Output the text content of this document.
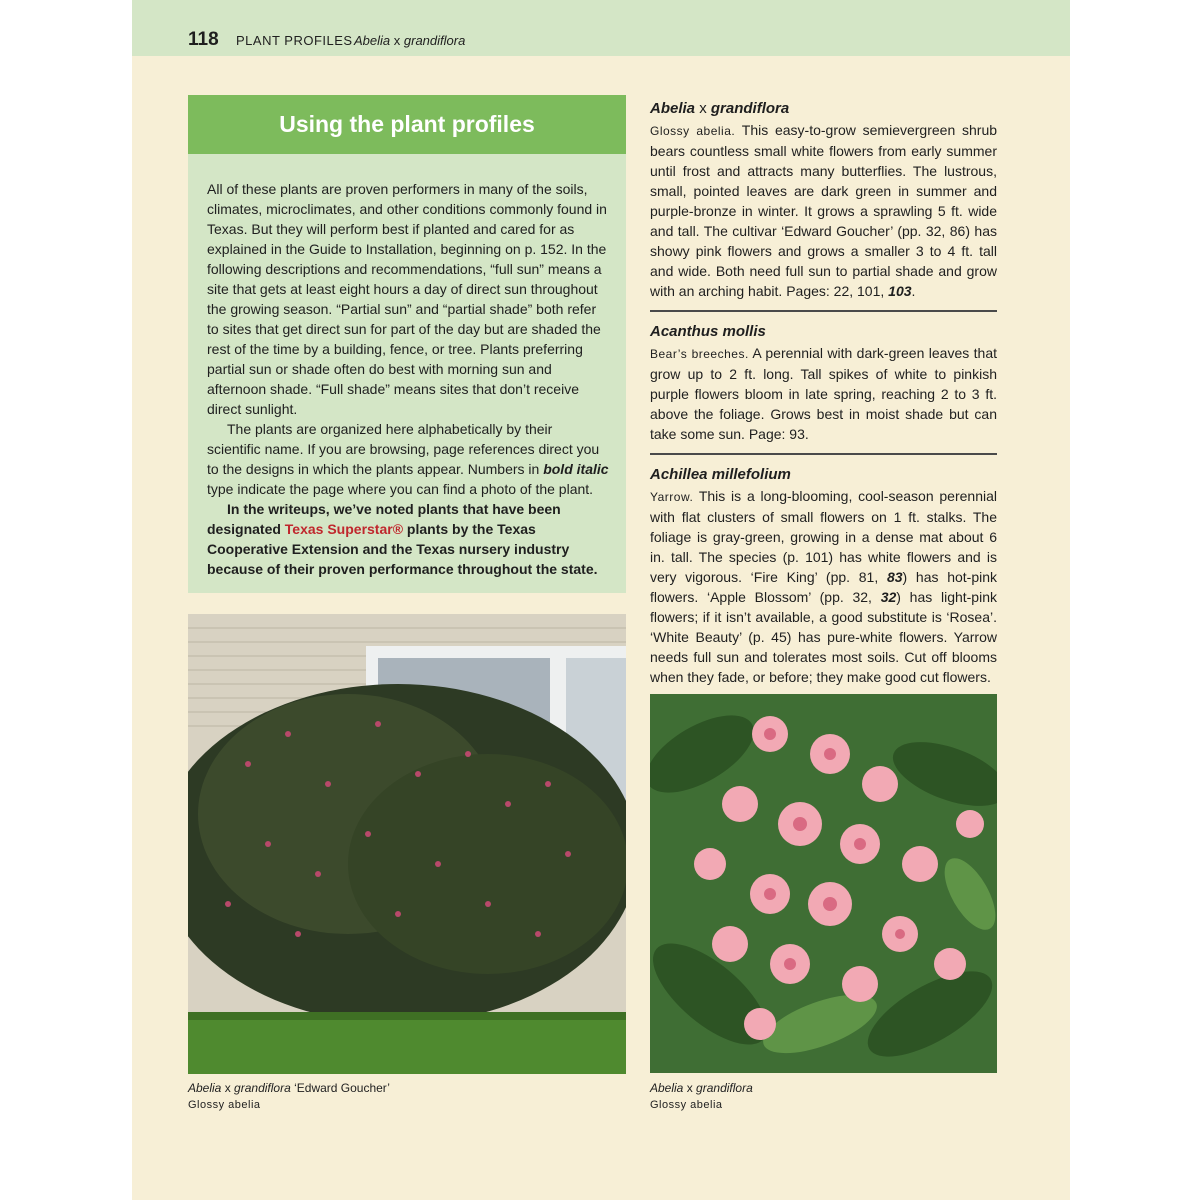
118 PLANT PROFILES Abelia x grandiflora
Using the plant profiles

All of these plants are proven performers in many of the soils, climates, microclimates, and other conditions commonly found in Texas. But they will perform best if planted and cared for as explained in the Guide to Installation, beginning on p. 152. In the following descriptions and recommendations, “full sun” means a site that gets at least eight hours a day of direct sun throughout the growing season. “Partial sun” and “partial shade” both refer to sites that get direct sun for part of the day but are shaded the rest of the time by a building, fence, or tree. Plants preferring partial sun or shade often do best with morning sun and afternoon shade. “Full shade” means sites that don’t receive direct sunlight.

The plants are organized here alphabetically by their scientific name. If you are browsing, page references direct you to the designs in which the plants appear. Numbers in bold italic type indicate the page where you can find a photo of the plant.

In the writeups, we’ve noted plants that have been designated Texas Superstar® plants by the Texas Cooperative Extension and the Texas nursery industry because of their proven performance throughout the state.

Abelia x grandiflora ‘Edward Goucher’
Glossy abelia
Abelia x grandiflora
Glossy abelia. This easy-to-grow semievergreen shrub bears countless small white flowers from early summer until frost and attracts many butterflies. The lustrous, small, pointed leaves are dark green in summer and purple-bronze in winter. It grows a sprawling 5 ft. wide and tall. The cultivar ‘Edward Goucher’ (pp. 32, 86) has showy pink flowers and grows a smaller 3 to 4 ft. tall and wide. Both need full sun to partial shade and grow with an arching habit. Pages: 22, 101, 103.
Acanthus mollis
Bear’s breeches. A perennial with dark-green leaves that grow up to 2 ft. long. Tall spikes of white to pinkish purple flowers bloom in late spring, reaching 2 to 3 ft. above the foliage. Grows best in moist shade but can take some sun. Page: 93.
Achillea millefolium
Yarrow. This is a long-blooming, cool-season perennial with flat clusters of small flowers on 1 ft. stalks. The foliage is gray-green, growing in a dense mat about 6 in. tall. The species (p. 101) has white flowers and is very vigorous. ‘Fire King’ (pp. 81, 83) has hot-pink flowers. ‘Apple Blossom’ (pp. 32, 32) has light-pink flowers; if it isn’t available, a good substitute is ‘Rosea’. ‘White Beauty’ (p. 45) has pure-white flowers. Yarrow needs full sun and tolerates most soils. Cut off blooms when they fade, or before; they make good cut flowers.
Abelia x grandiflora
Glossy abelia
